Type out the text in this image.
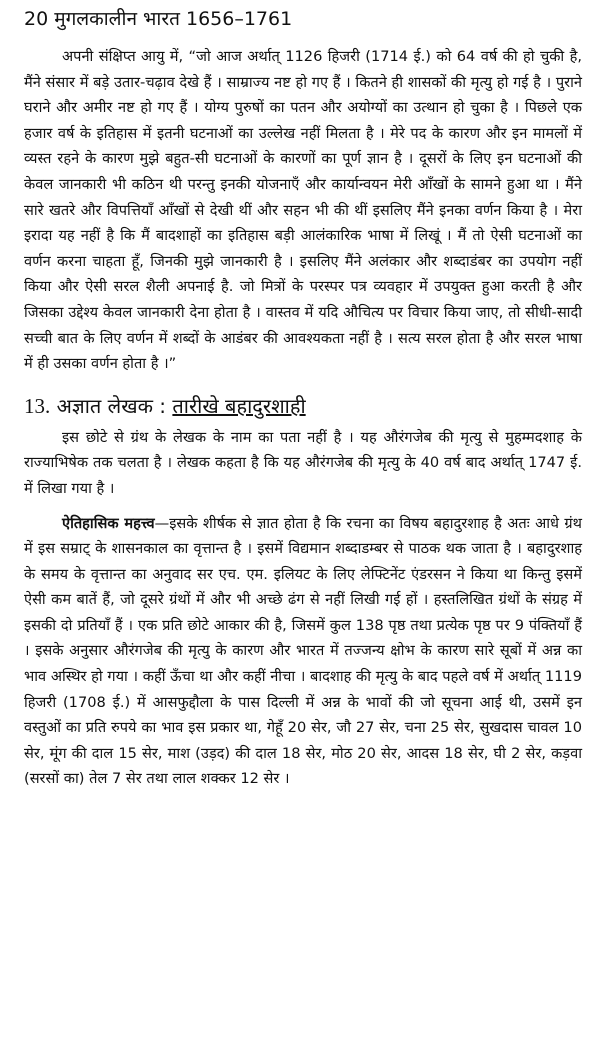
20 मुगलकालीन भारत 1656–1761

अपनी संक्षिप्त आयु में, “जो आज अर्थात् 1126 हिजरी (1714 ई.) को 64 वर्ष की हो चुकी है, मैंने संसार में बड़े उतार-चढ़ाव देखे हैं । साम्राज्य नष्ट हो गए हैं । कितने ही शासकों की मृत्यु हो गई है । पुराने घराने और अमीर नष्ट हो गए हैं । योग्य पुरुषों का पतन और अयोग्यों का उत्थान हो चुका है । पिछले एक हजार वर्ष के इतिहास में इतनी घटनाओं का उल्लेख नहीं मिलता है । मेरे पद के कारण और इन मामलों में व्यस्त रहने के कारण मुझे बहुत-सी घटनाओं के कारणों का पूर्ण ज्ञान है । दूसरों के लिए इन घटनाओं की केवल जानकारी भी कठिन थी परन्तु इनकी योजनाएँ और कार्यान्वयन मेरी आँखों के सामने हुआ था । मैंने सारे खतरे और विपत्तियाँ आँखों से देखी थीं और सहन भी की थीं इसलिए मैंने इनका वर्णन किया है । मेरा इरादा यह नहीं है कि मैं बादशाहों का इतिहास बड़ी आलंकारिक भाषा में लिखूं । मैं तो ऐसी घटनाओं का वर्णन करना चाहता हूँ, जिनकी मुझे जानकारी है । इसलिए मैंने अलंकार और शब्दाडंबर का उपयोग नहीं किया और ऐसी सरल शैली अपनाई है. जो मित्रों के परस्पर पत्र व्यवहार में उपयुक्त हुआ करती है और जिसका उद्देश्य केवल जानकारी देना होता है । वास्तव में यदि औचित्य पर विचार किया जाए, तो सीधी-सादी सच्ची बात के लिए वर्णन में शब्दों के आडंबर की आवश्यकता नहीं है । सत्य सरल होता है और सरल भाषा में ही उसका वर्णन होता है ।”

13. अज्ञात लेखक : तारीखे बहादुरशाही

इस छोटे से ग्रंथ के लेखक के नाम का पता नहीं है । यह औरंगजेब की मृत्यु से मुहम्मदशाह के राज्याभिषेक तक चलता है । लेखक कहता है कि यह औरंगजेब की मृत्यु के 40 वर्ष बाद अर्थात् 1747 ई. में लिखा गया है ।

ऐतिहासिक महत्त्व—इसके शीर्षक से ज्ञात होता है कि रचना का विषय बहादुरशाह है अतः आधे ग्रंथ में इस सम्राट् के शासनकाल का वृत्तान्त है । इसमें विद्यमान शब्दाडम्बर से पाठक थक जाता है । बहादुरशाह के समय के वृत्तान्त का अनुवाद सर एच. एम. इलियट के लिए लेफ्टिनेंट एंडरसन ने किया था किन्तु इसमें ऐसी कम बातें हैं, जो दूसरे ग्रंथों में और भी अच्छे ढंग से नहीं लिखी गई हों । हस्तलिखित ग्रंथों के संग्रह में इसकी दो प्रतियाँ हैं । एक प्रति छोटे आकार की है, जिसमें कुल 138 पृष्ठ तथा प्रत्येक पृष्ठ पर 9 पंक्तियाँ हैं । इसके अनुसार औरंगजेब की मृत्यु के कारण और भारत में तज्जन्य क्षोभ के कारण सारे सूबों में अन्न का भाव अस्थिर हो गया । कहीं ऊँचा था और कहीं नीचा । बादशाह की मृत्यु के बाद पहले वर्ष में अर्थात् 1119 हिजरी (1708 ई.) में आसफुद्दौला के पास दिल्ली में अन्न के भावों की जो सूचना आई थी, उसमें इन वस्तुओं का प्रति रुपये का भाव इस प्रकार था, गेहूँ 20 सेर, जौ 27 सेर, चना 25 सेर, सुखदास चावल 10 सेर, मूंग की दाल 15 सेर, माश (उड़द) की दाल 18 सेर, मोठ 20 सेर, आदस 18 सेर, घी 2 सेर, कड़वा (सरसों का) तेल 7 सेर तथा लाल शक्कर 12 सेर ।
